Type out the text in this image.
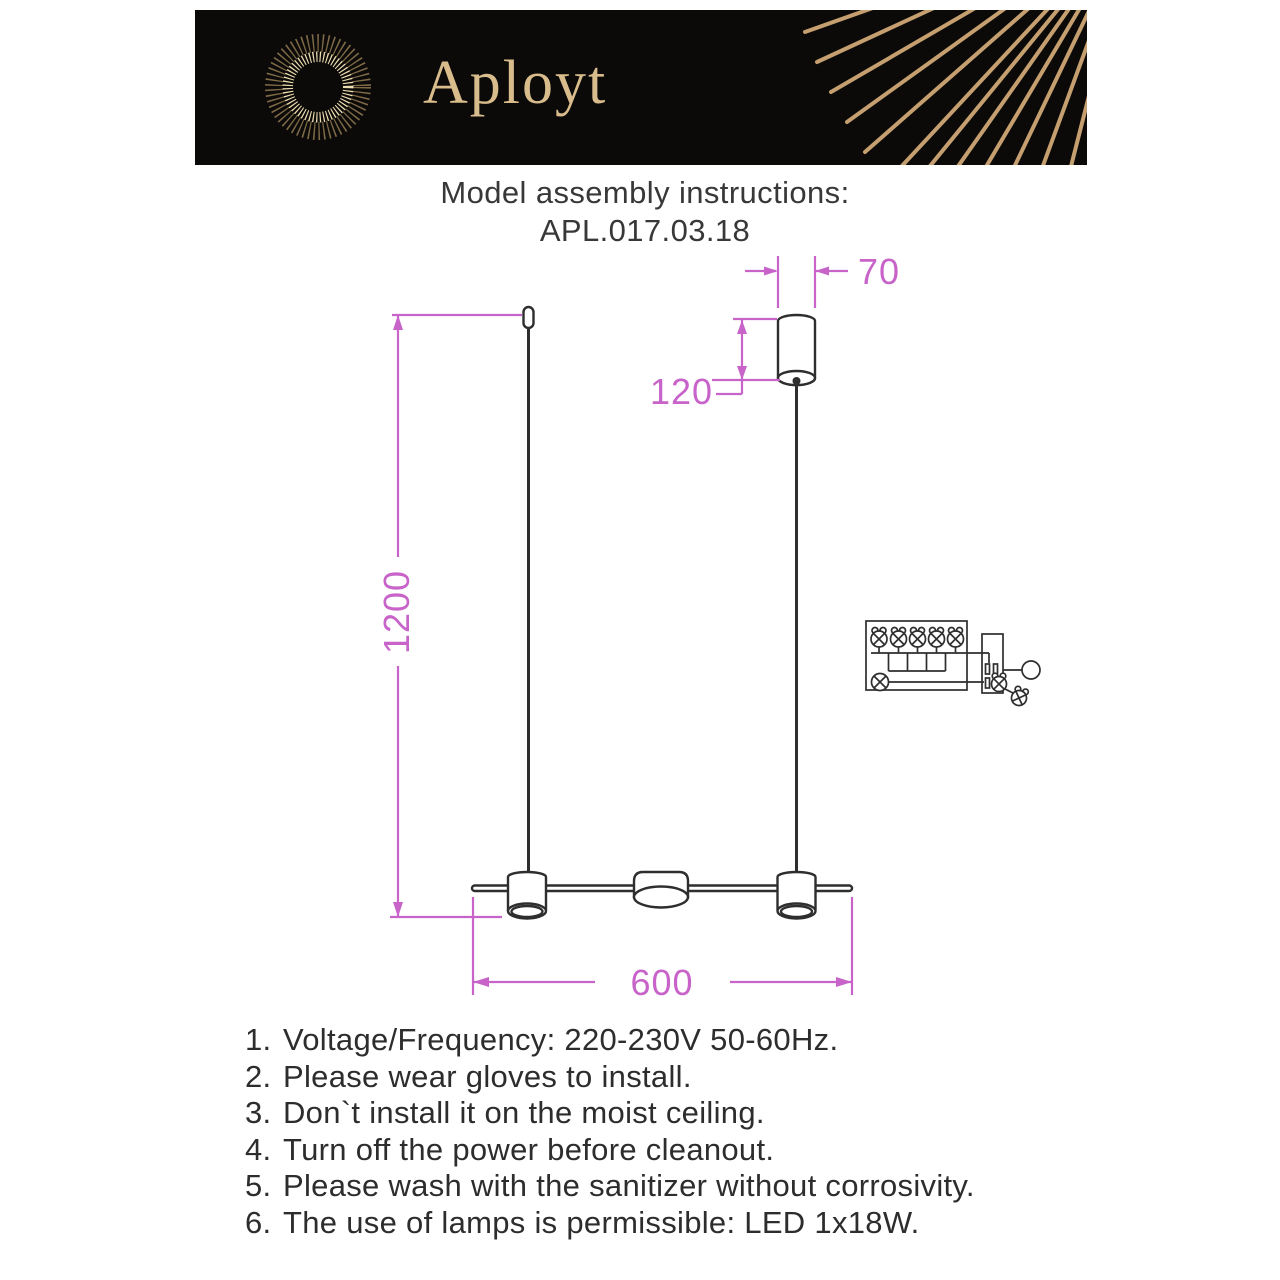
Aployt
Model assembly instructions:
APL.017.03.18
70
120
1200
600
1. Voltage/Frequency: 220-230V 50-60Hz.
2. Please wear gloves to install.
3. Don`t install it on the moist ceiling.
4. Turn off the power before cleanout.
5. Please wash with the sanitizer without corrosivity.
6. The use of lamps is permissible: LED 1x18W.
